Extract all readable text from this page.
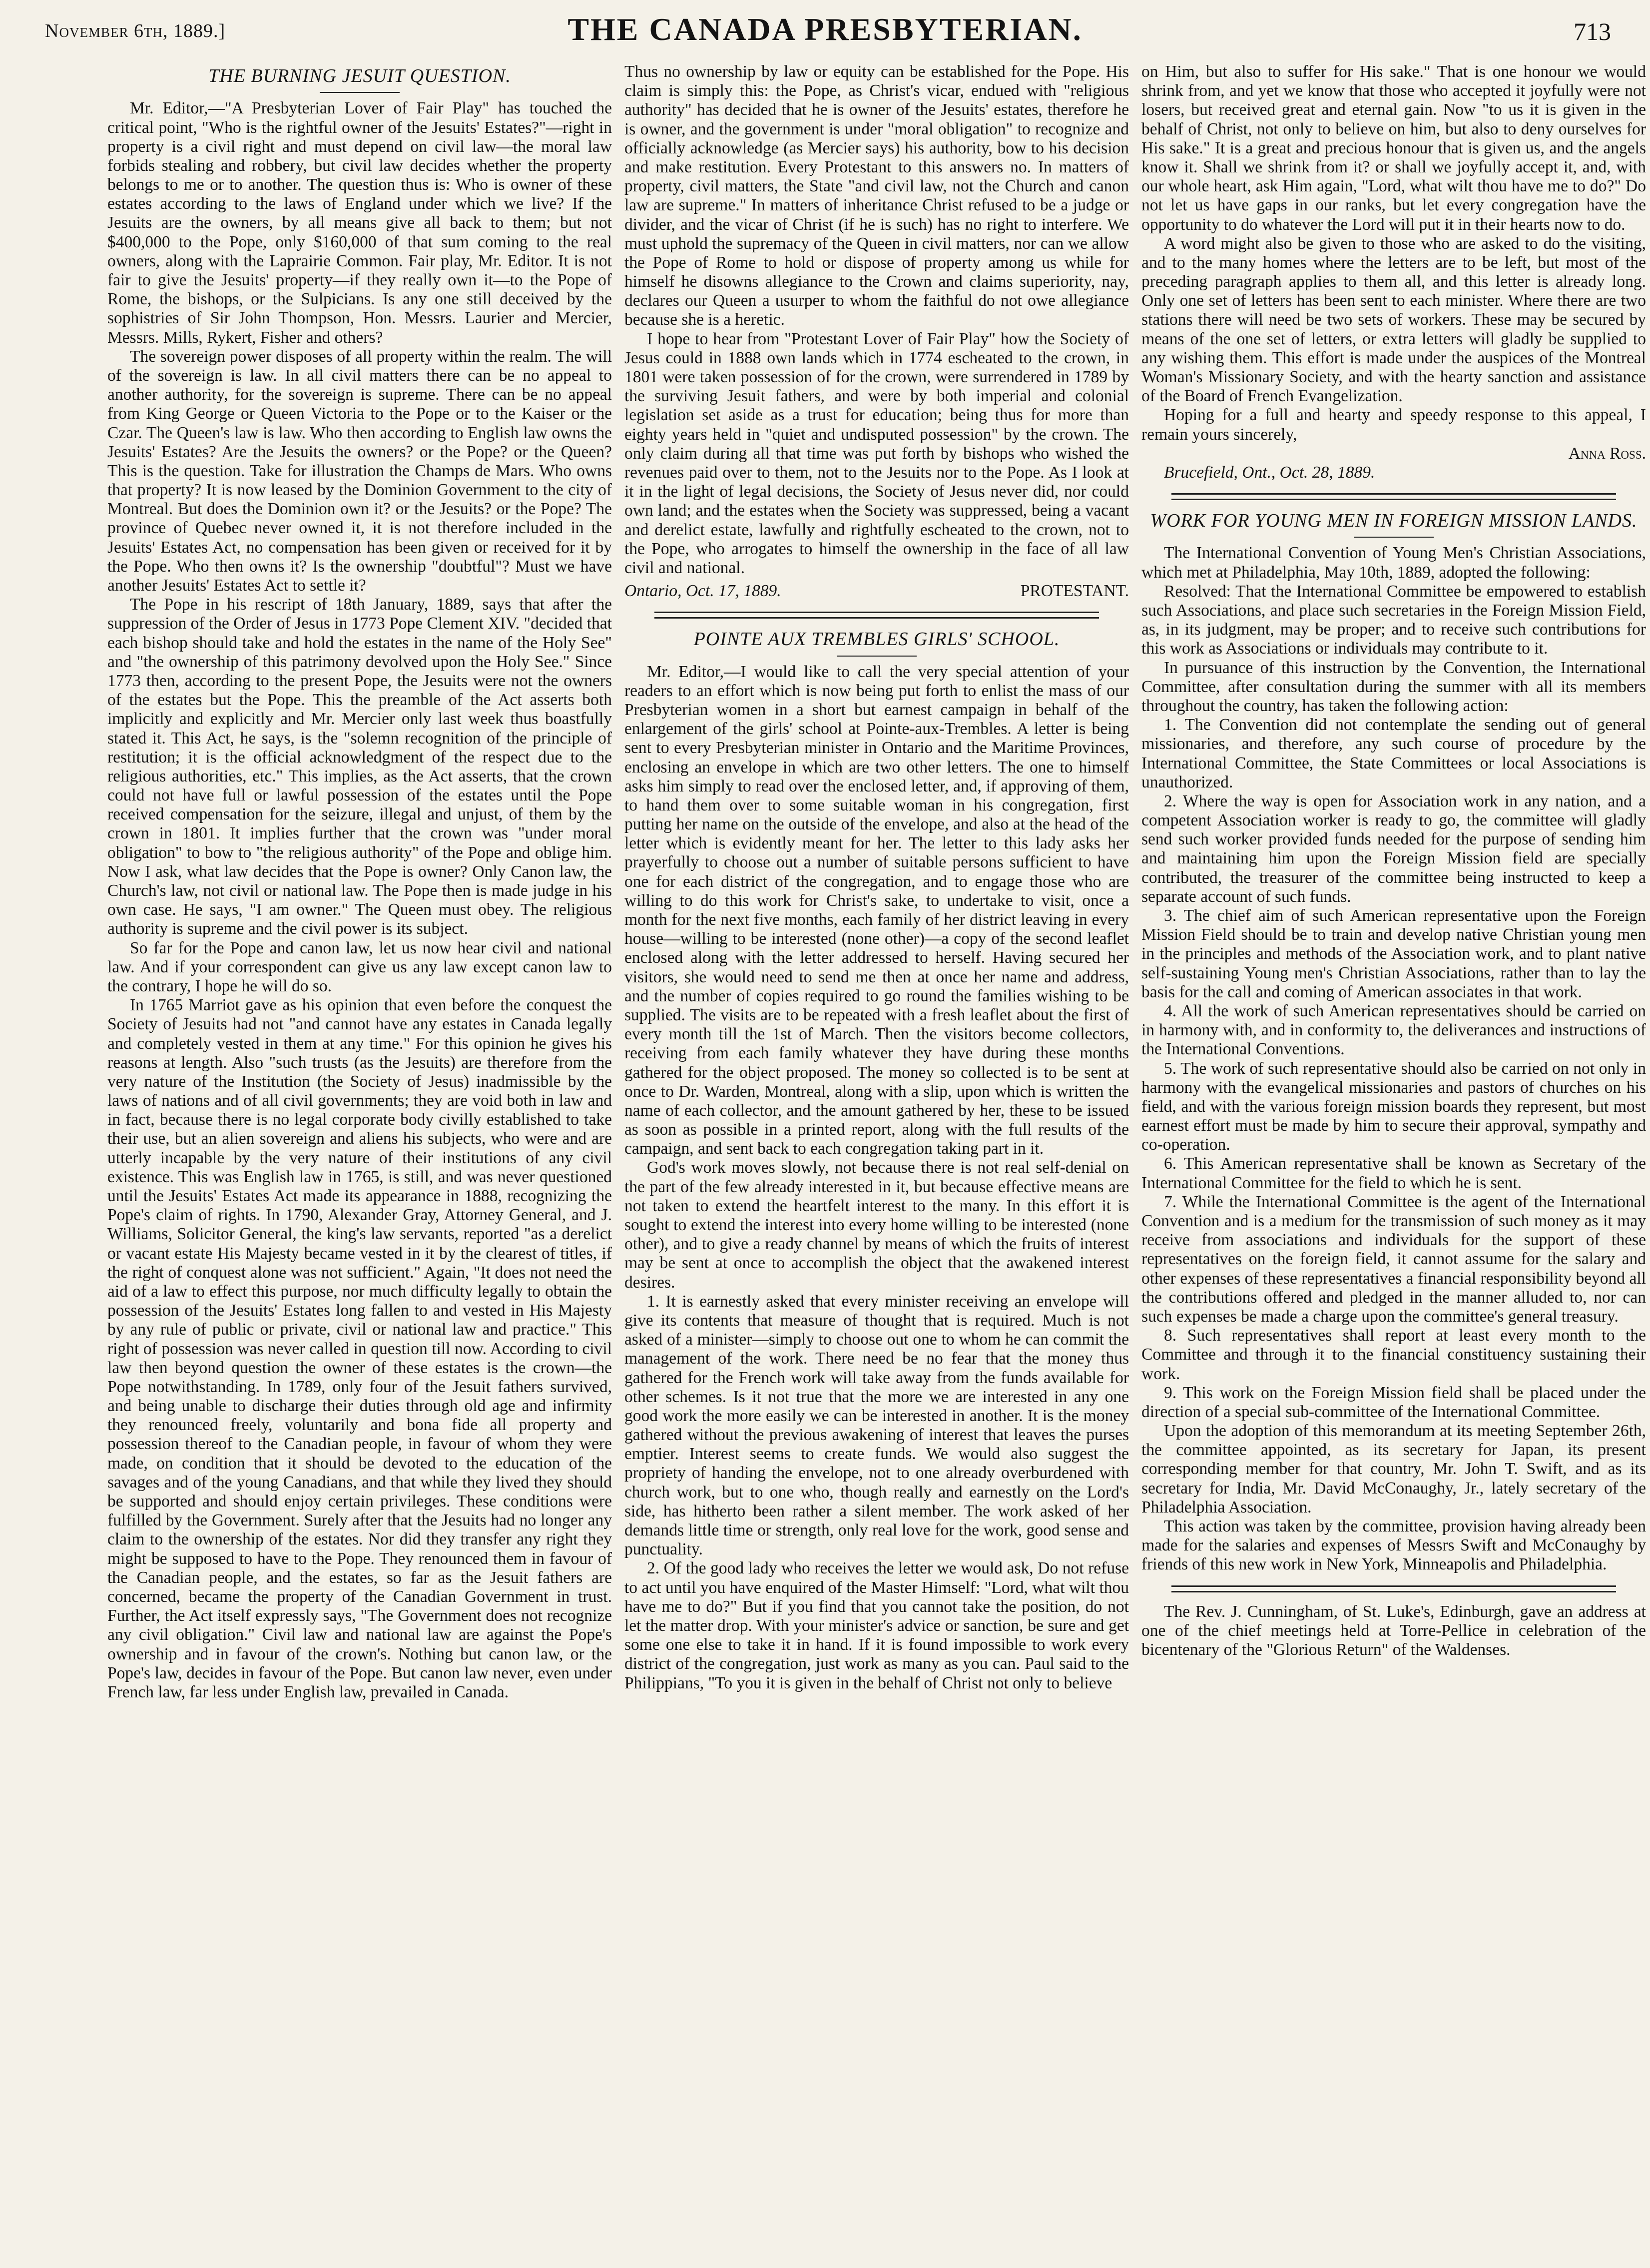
November 6th, 1889.]	THE CANADA PRESBYTERIAN.	713
THE BURNING JESUIT QUESTION.

Mr. Editor,—"A Presbyterian Lover of Fair Play" has touched the critical point, "Who is the rightful owner of the Jesuits' Estates?"—right in property is a civil right and must depend on civil law—the moral law forbids stealing and robbery, but civil law decides whether the property belongs to me or to another. The question thus is: Who is owner of these estates according to the laws of England under which we live? If the Jesuits are the owners, by all means give all back to them; but not $400,000 to the Pope, only $160,000 of that sum coming to the real owners, along with the Laprairie Common. Fair play, Mr. Editor. It is not fair to give the Jesuits' property—if they really own it—to the Pope of Rome, the bishops, or the Sulpicians. Is any one still deceived by the sophistries of Sir John Thompson, Hon. Messrs. Laurier and Mercier, Messrs. Mills, Rykert, Fisher and others?

The sovereign power disposes of all property within the realm. The will of the sovereign is law. In all civil matters there can be no appeal to another authority, for the sovereign is supreme. There can be no appeal from King George or Queen Victoria to the Pope or to the Kaiser or the Czar. The Queen's law is law. Who then according to English law owns the Jesuits' Estates? Are the Jesuits the owners? or the Pope? or the Queen? This is the question. Take for illustration the Champs de Mars. Who owns that property? It is now leased by the Dominion Government to the city of Montreal. But does the Dominion own it? or the Jesuits? or the Pope? The province of Quebec never owned it, it is not therefore included in the Jesuits' Estates Act, no compensation has been given or received for it by the Pope. Who then owns it? Is the ownership "doubtful"? Must we have another Jesuits' Estates Act to settle it?

The Pope in his rescript of 18th January, 1889, says that after the suppression of the Order of Jesus in 1773 Pope Clement XIV. "decided that each bishop should take and hold the estates in the name of the Holy See" and "the ownership of this patrimony devolved upon the Holy See." Since 1773 then, according to the present Pope, the Jesuits were not the owners of the estates but the Pope. This the preamble of the Act asserts both implicitly and explicitly and Mr. Mercier only last week thus boastfully stated it. This Act, he says, is the "solemn recognition of the principle of restitution; it is the official acknowledgment of the respect due to the religious authorities, etc." This implies, as the Act asserts, that the crown could not have full or lawful possession of the estates until the Pope received compensation for the seizure, illegal and unjust, of them by the crown in 1801. It implies further that the crown was "under moral obligation" to bow to "the religious authority" of the Pope and oblige him. Now I ask, what law decides that the Pope is owner? Only Canon law, the Church's law, not civil or national law. The Pope then is made judge in his own case. He says, "I am owner." The Queen must obey. The religious authority is supreme and the civil power is its subject.

So far for the Pope and canon law, let us now hear civil and national law. And if your correspondent can give us any law except canon law to the contrary, I hope he will do so.

In 1765 Marriot gave as his opinion that even before the conquest the Society of Jesuits had not "and cannot have any estates in Canada legally and completely vested in them at any time." For this opinion he gives his reasons at length. Also "such trusts (as the Jesuits) are therefore from the very nature of the Institution (the Society of Jesus) inadmissible by the laws of nations and of all civil governments; they are void both in law and in fact, because there is no legal corporate body civilly established to take their use, but an alien sovereign and aliens his subjects, who were and are utterly incapable by the very nature of their institutions of any civil existence. This was English law in 1765, is still, and was never questioned until the Jesuits' Estates Act made its appearance in 1888, recognizing the Pope's claim of rights. In 1790, Alexander Gray, Attorney General, and J. Williams, Solicitor General, the king's law servants, reported "as a derelict or vacant estate His Majesty became vested in it by the clearest of titles, if the right of conquest alone was not sufficient." Again, "It does not need the aid of a law to effect this purpose, nor much difficulty legally to obtain the possession of the Jesuits' Estates long fallen to and vested in His Majesty by any rule of public or private, civil or national law and practice." This right of possession was never called in question till now. According to civil law then beyond question the owner of these estates is the crown—the Pope notwithstanding. In 1789, only four of the Jesuit fathers survived, and being unable to discharge their duties through old age and infirmity they renounced freely, voluntarily and bona fide all property and possession thereof to the Canadian people, in favour of whom they were made, on condition that it should be devoted to the education of the savages and of the young Canadians, and that while they lived they should be supported and should enjoy certain privileges. These conditions were fulfilled by the Government. Surely after that the Jesuits had no longer any claim to the ownership of the estates. Nor did they transfer any right they might be supposed to have to the Pope. They renounced them in favour of the Canadian people, and the estates, so far as the Jesuit fathers are concerned, became the property of the Canadian Government in trust. Further, the Act itself expressly says, "The Government does not recognize any civil obligation." Civil law and national law are against the Pope's ownership and in favour of the crown's. Nothing but canon law, or the Pope's law, decides in favour of the Pope. But canon law never, even under French law, far less under English law, prevailed in Canada.

Thus no ownership by law or equity can be established for the Pope. His claim is simply this: the Pope, as Christ's vicar, endued with "religious authority" has decided that he is owner of the Jesuits' estates, therefore he is owner, and the government is under "moral obligation" to recognize and officially acknowledge (as Mercier says) his authority, bow to his decision and make restitution. Every Protestant to this answers no. In matters of property, civil matters, the State "and civil law, not the Church and canon law are supreme." In matters of inheritance Christ refused to be a judge or divider, and the vicar of Christ (if he is such) has no right to interfere. We must uphold the supremacy of the Queen in civil matters, nor can we allow the Pope of Rome to hold or dispose of property among us while for himself he disowns allegiance to the Crown and claims superiority, nay, declares our Queen a usurper to whom the faithful do not owe allegiance because she is a heretic.

I hope to hear from "Protestant Lover of Fair Play" how the Society of Jesus could in 1888 own lands which in 1774 escheated to the crown, in 1801 were taken possession of for the crown, were surrendered in 1789 by the surviving Jesuit fathers, and were by both imperial and colonial legislation set aside as a trust for education; being thus for more than eighty years held in "quiet and undisputed possession" by the crown. The only claim during all that time was put forth by bishops who wished the revenues paid over to them, not to the Jesuits nor to the Pope. As I look at it in the light of legal decisions, the Society of Jesus never did, nor could own land; and the estates when the Society was suppressed, being a vacant and derelict estate, lawfully and rightfully escheated to the crown, not to the Pope, who arrogates to himself the ownership in the face of all law civil and national.

Ontario, Oct. 17, 1889.	PROTESTANT.

POINTE AUX TREMBLES GIRLS' SCHOOL.

Mr. Editor,—I would like to call the very special attention of your readers to an effort which is now being put forth to enlist the mass of our Presbyterian women in a short but earnest campaign in behalf of the enlargement of the girls' school at Pointe-aux-Trembles. A letter is being sent to every Presbyterian minister in Ontario and the Maritime Provinces, enclosing an envelope in which are two other letters. The one to himself asks him simply to read over the enclosed letter, and, if approving of them, to hand them over to some suitable woman in his congregation, first putting her name on the outside of the envelope, and also at the head of the letter which is evidently meant for her. The letter to this lady asks her prayerfully to choose out a number of suitable persons sufficient to have one for each district of the congregation, and to engage those who are willing to do this work for Christ's sake, to undertake to visit, once a month for the next five months, each family of her district leaving in every house—willing to be interested (none other)—a copy of the second leaflet enclosed along with the letter addressed to herself. Having secured her visitors, she would need to send me then at once her name and address, and the number of copies required to go round the families wishing to be supplied. The visits are to be repeated with a fresh leaflet about the first of every month till the 1st of March. Then the visitors become collectors, receiving from each family whatever they have during these months gathered for the object proposed. The money so collected is to be sent at once to Dr. Warden, Montreal, along with a slip, upon which is written the name of each collector, and the amount gathered by her, these to be issued as soon as possible in a printed report, along with the full results of the campaign, and sent back to each congregation taking part in it.

God's work moves slowly, not because there is not real self-denial on the part of the few already interested in it, but because effective means are not taken to extend the heartfelt interest to the many. In this effort it is sought to extend the interest into every home willing to be interested (none other), and to give a ready channel by means of which the fruits of interest may be sent at once to accomplish the object that the awakened interest desires.

1. It is earnestly asked that every minister receiving an envelope will give its contents that measure of thought that is required. Much is not asked of a minister—simply to choose out one to whom he can commit the management of the work. There need be no fear that the money thus gathered for the French work will take away from the funds available for other schemes. Is it not true that the more we are interested in any one good work the more easily we can be interested in another. It is the money gathered without the previous awakening of interest that leaves the purses emptier. Interest seems to create funds. We would also suggest the propriety of handing the envelope, not to one already overburdened with church work, but to one who, though really and earnestly on the Lord's side, has hitherto been rather a silent member. The work asked of her demands little time or strength, only real love for the work, good sense and punctuality.

2. Of the good lady who receives the letter we would ask, Do not refuse to act until you have enquired of the Master Himself: "Lord, what wilt thou have me to do?" But if you find that you cannot take the position, do not let the matter drop. With your minister's advice or sanction, be sure and get some one else to take it in hand. If it is found impossible to work every district of the congregation, just work as many as you can. Paul said to the Philippians, "To you it is given in the behalf of Christ not only to believe

on Him, but also to suffer for His sake." That is one honour we would shrink from, and yet we know that those who accepted it joyfully were not losers, but received great and eternal gain. Now "to us it is given in the behalf of Christ, not only to believe on him, but also to deny ourselves for His sake." It is a great and precious honour that is given us, and the angels know it. Shall we shrink from it? or shall we joyfully accept it, and, with our whole heart, ask Him again, "Lord, what wilt thou have me to do?" Do not let us have gaps in our ranks, but let every congregation have the opportunity to do whatever the Lord will put it in their hearts now to do.

A word might also be given to those who are asked to do the visiting, and to the many homes where the letters are to be left, but most of the preceding paragraph applies to them all, and this letter is already long. Only one set of letters has been sent to each minister. Where there are two stations there will need be two sets of workers. These may be secured by means of the one set of letters, or extra letters will gladly be supplied to any wishing them. This effort is made under the auspices of the Montreal Woman's Missionary Society, and with the hearty sanction and assistance of the Board of French Evangelization.

Hoping for a full and hearty and speedy response to this appeal, I remain yours sincerely,

Anna Ross.

Brucefield, Ont., Oct. 28, 1889.

WORK FOR YOUNG MEN IN FOREIGN MISSION LANDS.

The International Convention of Young Men's Christian Associations, which met at Philadelphia, May 10th, 1889, adopted the following:

Resolved: That the International Committee be empowered to establish such Associations, and place such secretaries in the Foreign Mission Field, as, in its judgment, may be proper; and to receive such contributions for this work as Associations or individuals may contribute to it.

In pursuance of this instruction by the Convention, the International Committee, after consultation during the summer with all its members throughout the country, has taken the following action:

1. The Convention did not contemplate the sending out of general missionaries, and therefore, any such course of procedure by the International Committee, the State Committees or local Associations is unauthorized.

2. Where the way is open for Association work in any nation, and a competent Association worker is ready to go, the committee will gladly send such worker provided funds needed for the purpose of sending him and maintaining him upon the Foreign Mission field are specially contributed, the treasurer of the committee being instructed to keep a separate account of such funds.

3. The chief aim of such American representative upon the Foreign Mission Field should be to train and develop native Christian young men in the principles and methods of the Association work, and to plant native self-sustaining Young men's Christian Associations, rather than to lay the basis for the call and coming of American associates in that work.

4. All the work of such American representatives should be carried on in harmony with, and in conformity to, the deliverances and instructions of the International Conventions.

5. The work of such representative should also be carried on not only in harmony with the evangelical missionaries and pastors of churches on his field, and with the various foreign mission boards they represent, but most earnest effort must be made by him to secure their approval, sympathy and co-operation.

6. This American representative shall be known as Secretary of the International Committee for the field to which he is sent.

7. While the International Committee is the agent of the International Convention and is a medium for the transmission of such money as it may receive from associations and individuals for the support of these representatives on the foreign field, it cannot assume for the salary and other expenses of these representatives a financial responsibility beyond all the contributions offered and pledged in the manner alluded to, nor can such expenses be made a charge upon the committee's general treasury.

8. Such representatives shall report at least every month to the Committee and through it to the financial constituency sustaining their work.

9. This work on the Foreign Mission field shall be placed under the direction of a special sub-committee of the International Committee.

Upon the adoption of this memorandum at its meeting September 26th, the committee appointed, as its secretary for Japan, its present corresponding member for that country, Mr. John T. Swift, and as its secretary for India, Mr. David McConaughy, Jr., lately secretary of the Philadelphia Association.

This action was taken by the committee, provision having already been made for the salaries and expenses of Messrs Swift and McConaughy by friends of this new work in New York, Minneapolis and Philadelphia.

The Rev. J. Cunningham, of St. Luke's, Edinburgh, gave an address at one of the chief meetings held at Torre-Pellice in celebration of the bicentenary of the "Glorious Return" of the Waldenses.
